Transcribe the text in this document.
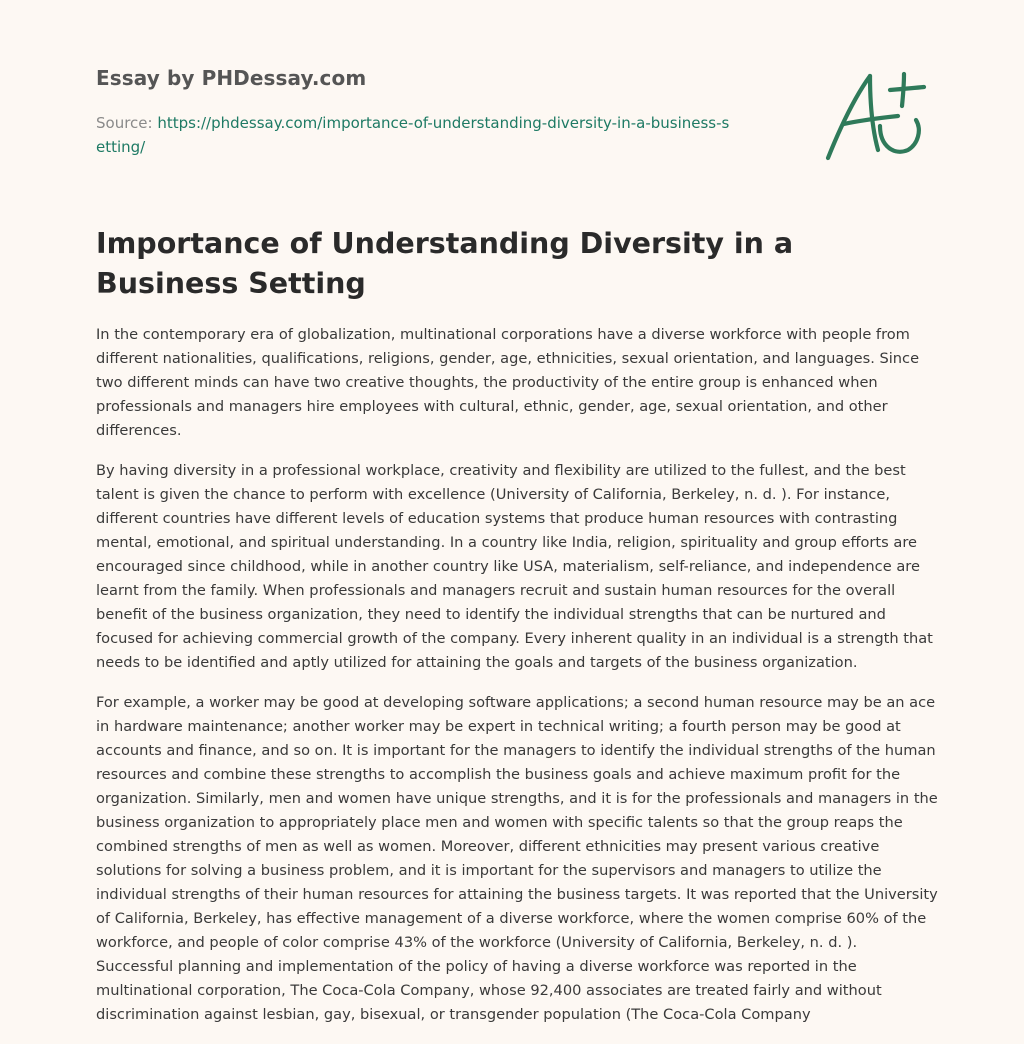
Essay by PHDessay.com
Source: https://phdessay.com/importance-of-understanding-diversity-in-a-business-setting/
Importance of Understanding Diversity in a Business Setting

In the contemporary era of globalization, multinational corporations have a diverse workforce with people from different nationalities, qualifications, religions, gender, age, ethnicities, sexual orientation, and languages. Since two different minds can have two creative thoughts, the productivity of the entire group is enhanced when professionals and managers hire employees with cultural, ethnic, gender, age, sexual orientation, and other differences.

By having diversity in a professional workplace, creativity and flexibility are utilized to the fullest, and the best talent is given the chance to perform with excellence (University of California, Berkeley, n. d. ). For instance, different countries have different levels of education systems that produce human resources with contrasting mental, emotional, and spiritual understanding. In a country like India, religion, spirituality and group efforts are encouraged since childhood, while in another country like USA, materialism, self-reliance, and independence are learnt from the family. When professionals and managers recruit and sustain human resources for the overall benefit of the business organization, they need to identify the individual strengths that can be nurtured and focused for achieving commercial growth of the company. Every inherent quality in an individual is a strength that needs to be identified and aptly utilized for attaining the goals and targets of the business organization.

For example, a worker may be good at developing software applications; a second human resource may be an ace in hardware maintenance; another worker may be expert in technical writing; a fourth person may be good at accounts and finance, and so on. It is important for the managers to identify the individual strengths of the human resources and combine these strengths to accomplish the business goals and achieve maximum profit for the organization. Similarly, men and women have unique strengths, and it is for the professionals and managers in the business organization to appropriately place men and women with specific talents so that the group reaps the combined strengths of men as well as women. Moreover, different ethnicities may present various creative solutions for solving a business problem, and it is important for the supervisors and managers to utilize the individual strengths of their human resources for attaining the business targets. It was reported that the University of California, Berkeley, has effective management of a diverse workforce, where the women comprise 60% of the workforce, and people of color comprise 43% of the workforce (University of California, Berkeley, n. d. ). Successful planning and implementation of the policy of having a diverse workforce was reported in the multinational corporation, The Coca-Cola Company, whose 92,400 associates are treated fairly and without discrimination against lesbian, gay, bisexual, or transgender population (The Coca-Cola Company
